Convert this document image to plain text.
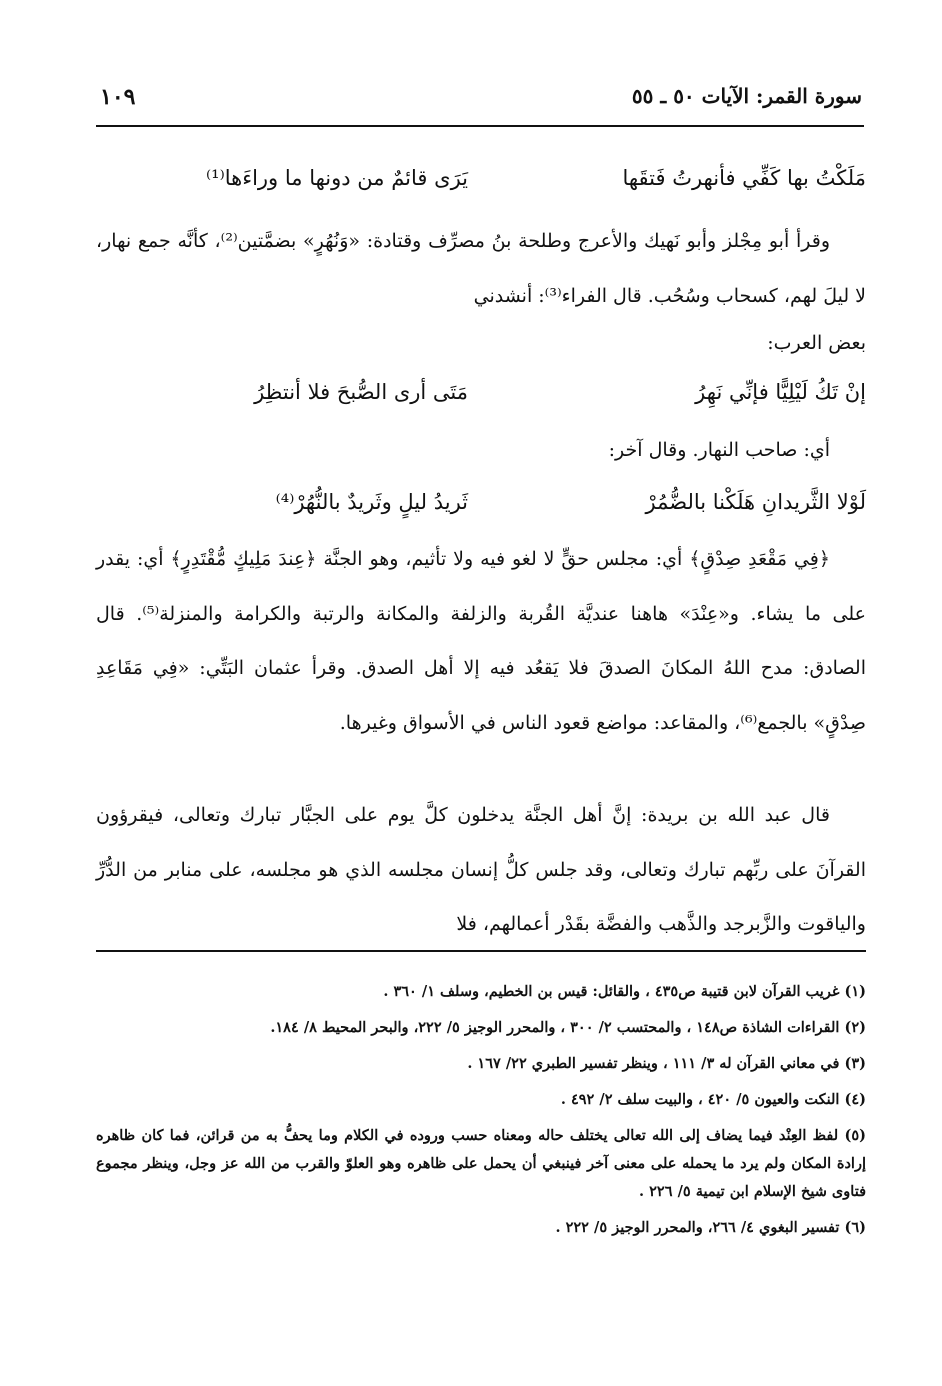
سورة القمر: الآيات ٥٠ ـ ٥٥
١٠٩
مَلَكْتُ بها كَفِّي فأنهرتُ فَتقَها
يَرَى قائمٌ من دونها ما وراءَها⁽¹⁾
وقرأ أبو مِجْلز وأبو نَهيك والأعرج وطلحة بنُ مصرِّف وقتادة: «وَنُهُرٍ» بضمَّتين⁽²⁾، كأنَّه جمع نهار، لا ليلَ لهم، كسحاب وسُحُب. قال الفراء⁽³⁾: أنشدني
بعض العرب:
إنْ تَكُ لَيْلِيًّا فإنِّي نَهِرُ
مَتَى أرى الصُّبحَ فلا أنتظِرُ
أي: صاحب النهار. وقال آخر:
لَوْلا الثَّريدانِ هَلَكْنا بالضُّمُرْ
ثَريدُ ليلٍ وثَريدٌ بالنُّهُرْ⁽⁴⁾
﴿فِي مَقْعَدِ صِدْقٍ﴾ أي: مجلس حقٍّ لا لغو فيه ولا تأثيم، وهو الجنَّة ﴿عِندَ مَلِيكٍ مُّقْتَدِرٍ﴾ أي: يقدر على ما يشاء. و«عِنْدَ» هاهنا عنديَّة القُربة والزلفة والمكانة والرتبة والكرامة والمنزلة⁽⁵⁾. قال الصادق: مدح اللهُ المكانَ الصدقَ فلا يَقعُد فيه إلا أهل الصدق. وقرأ عثمان البَتِّي: «فِي مَقَاعِدِ صِدْقٍ» بالجمع⁽⁶⁾، والمقاعد: مواضع قعود الناس في الأسواق وغيرها.
قال عبد الله بن بريدة: إنَّ أهل الجنَّة يدخلون كلَّ يوم على الجبَّار تبارك وتعالى، فيقرؤون القرآنَ على ربِّهم تبارك وتعالى، وقد جلس كلُّ إنسان مجلسه الذي هو مجلسه، على منابر من الدُّرِّ والياقوت والزَّبرجد والذَّهب والفضَّة بقَدْر أعمالهم، فلا
(١) غريب القرآن لابن قتيبة ص٤٣٥ ، والقائل: قيس بن الخطيم، وسلف ١/ ٣٦٠ .
(٢) القراءات الشاذة ص١٤٨ ، والمحتسب ٢/ ٣٠٠ ، والمحرر الوجيز ٥/ ٢٢٢، والبحر المحيط ٨/ ١٨٤.
(٣) في معاني القرآن له ٣/ ١١١ ، وينظر تفسير الطبري ٢٢/ ١٦٧ .
(٤) النكت والعيون ٥/ ٤٢٠ ، والبيت سلف ٢/ ٤٩٢ .
(٥) لفظ العِنْد فيما يضاف إلى الله تعالى يختلف حاله ومعناه حسب وروده في الكلام وما يحفُّ به من قرائن، فما كان ظاهره إرادة المكان ولم يرد ما يحمله على معنى آخر فينبغي أن يحمل على ظاهره وهو العلوّ والقرب من الله عز وجل، وينظر مجموع فتاوى شيخ الإسلام ابن تيمية ٥/ ٢٢٦ .
(٦) تفسير البغوي ٤/ ٢٦٦، والمحرر الوجيز ٥/ ٢٢٢ .
